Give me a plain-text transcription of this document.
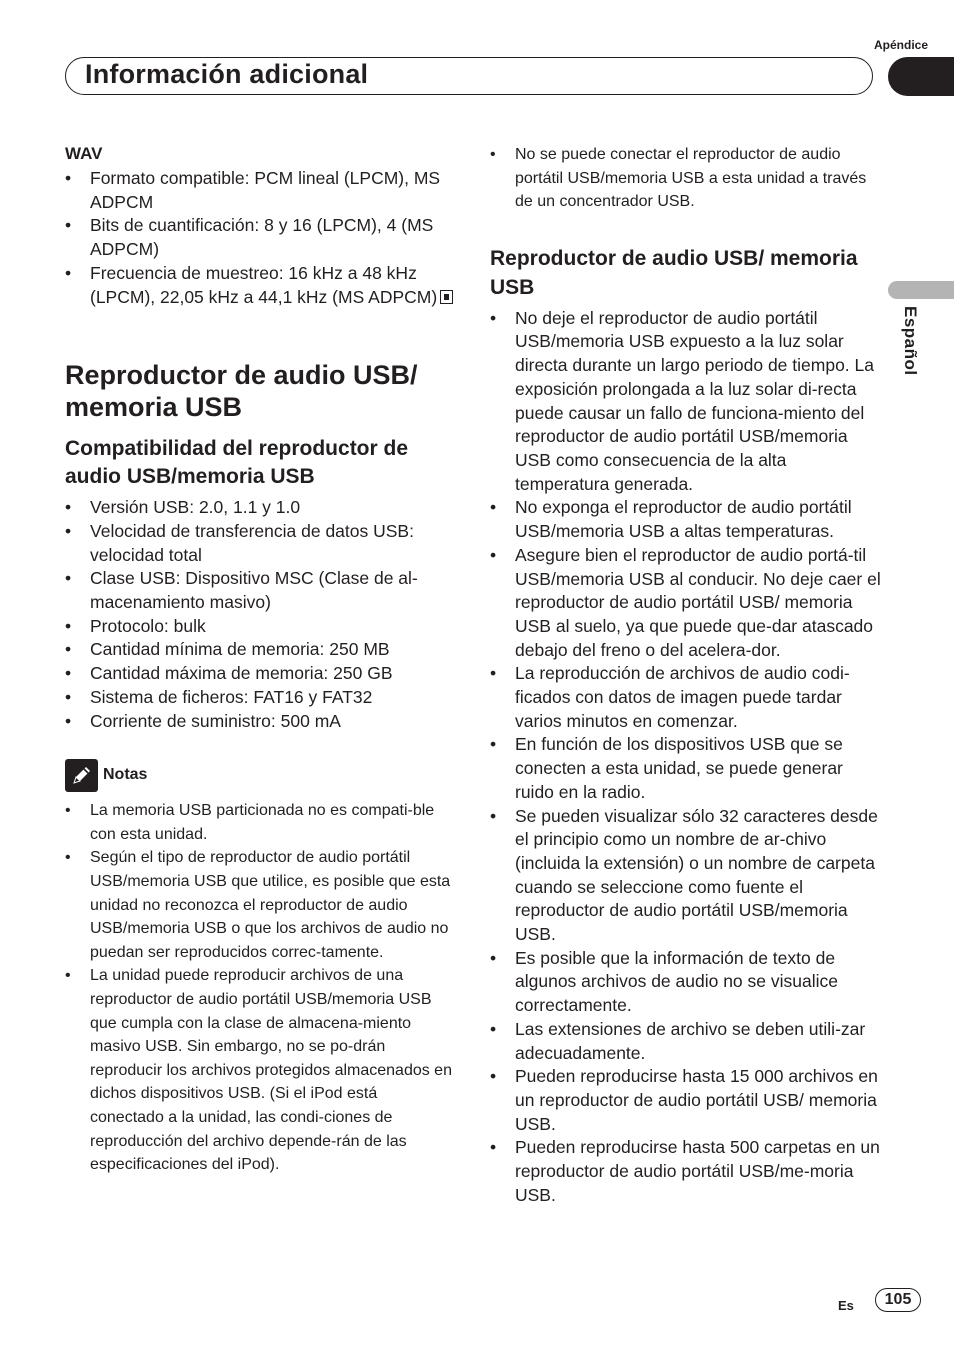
Apéndice
Información adicional
Español
WAV
• Formato compatible: PCM lineal (LPCM), MS ADPCM
• Bits de cuantificación: 8 y 16 (LPCM), 4 (MS ADPCM)
• Frecuencia de muestreo: 16 kHz a 48 kHz (LPCM), 22,05 kHz a 44,1 kHz (MS ADPCM)
Reproductor de audio USB/ memoria USB
Compatibilidad del reproductor de audio USB/memoria USB
• Versión USB: 2.0, 1.1 y 1.0
• Velocidad de transferencia de datos USB: velocidad total
• Clase USB: Dispositivo MSC (Clase de al-macenamiento masivo)
• Protocolo: bulk
• Cantidad mínima de memoria: 250 MB
• Cantidad máxima de memoria: 250 GB
• Sistema de ficheros: FAT16 y FAT32
• Corriente de suministro: 500 mA
Notas
• La memoria USB particionada no es compati-ble con esta unidad.
• Según el tipo de reproductor de audio portátil USB/memoria USB que utilice, es posible que esta unidad no reconozca el reproductor de audio USB/memoria USB o que los archivos de audio no puedan ser reproducidos correc-tamente.
• La unidad puede reproducir archivos de una reproductor de audio portátil USB/memoria USB que cumpla con la clase de almacena-miento masivo USB. Sin embargo, no se po-drán reproducir los archivos protegidos almacenados en dichos dispositivos USB. (Si el iPod está conectado a la unidad, las condi-ciones de reproducción del archivo depende-rán de las especificaciones del iPod).
• No se puede conectar el reproductor de audio portátil USB/memoria USB a esta unidad a través de un concentrador USB.
Reproductor de audio USB/ memoria USB
• No deje el reproductor de audio portátil USB/memoria USB expuesto a la luz solar directa durante un largo periodo de tiempo. La exposición prolongada a la luz solar di-recta puede causar un fallo de funciona-miento del reproductor de audio portátil USB/memoria USB como consecuencia de la alta temperatura generada.
• No exponga el reproductor de audio portátil USB/memoria USB a altas temperaturas.
• Asegure bien el reproductor de audio portá-til USB/memoria USB al conducir. No deje caer el reproductor de audio portátil USB/ memoria USB al suelo, ya que puede que-dar atascado debajo del freno o del acelera-dor.
• La reproducción de archivos de audio codi-ficados con datos de imagen puede tardar varios minutos en comenzar.
• En función de los dispositivos USB que se conecten a esta unidad, se puede generar ruido en la radio.
• Se pueden visualizar sólo 32 caracteres desde el principio como un nombre de ar-chivo (incluida la extensión) o un nombre de carpeta cuando se seleccione como fuente el reproductor de audio portátil USB/memoria USB.
• Es posible que la información de texto de algunos archivos de audio no se visualice correctamente.
• Las extensiones de archivo se deben utili-zar adecuadamente.
• Pueden reproducirse hasta 15 000 archivos en un reproductor de audio portátil USB/ memoria USB.
• Pueden reproducirse hasta 500 carpetas en un reproductor de audio portátil USB/me-moria USB.
Es	105
